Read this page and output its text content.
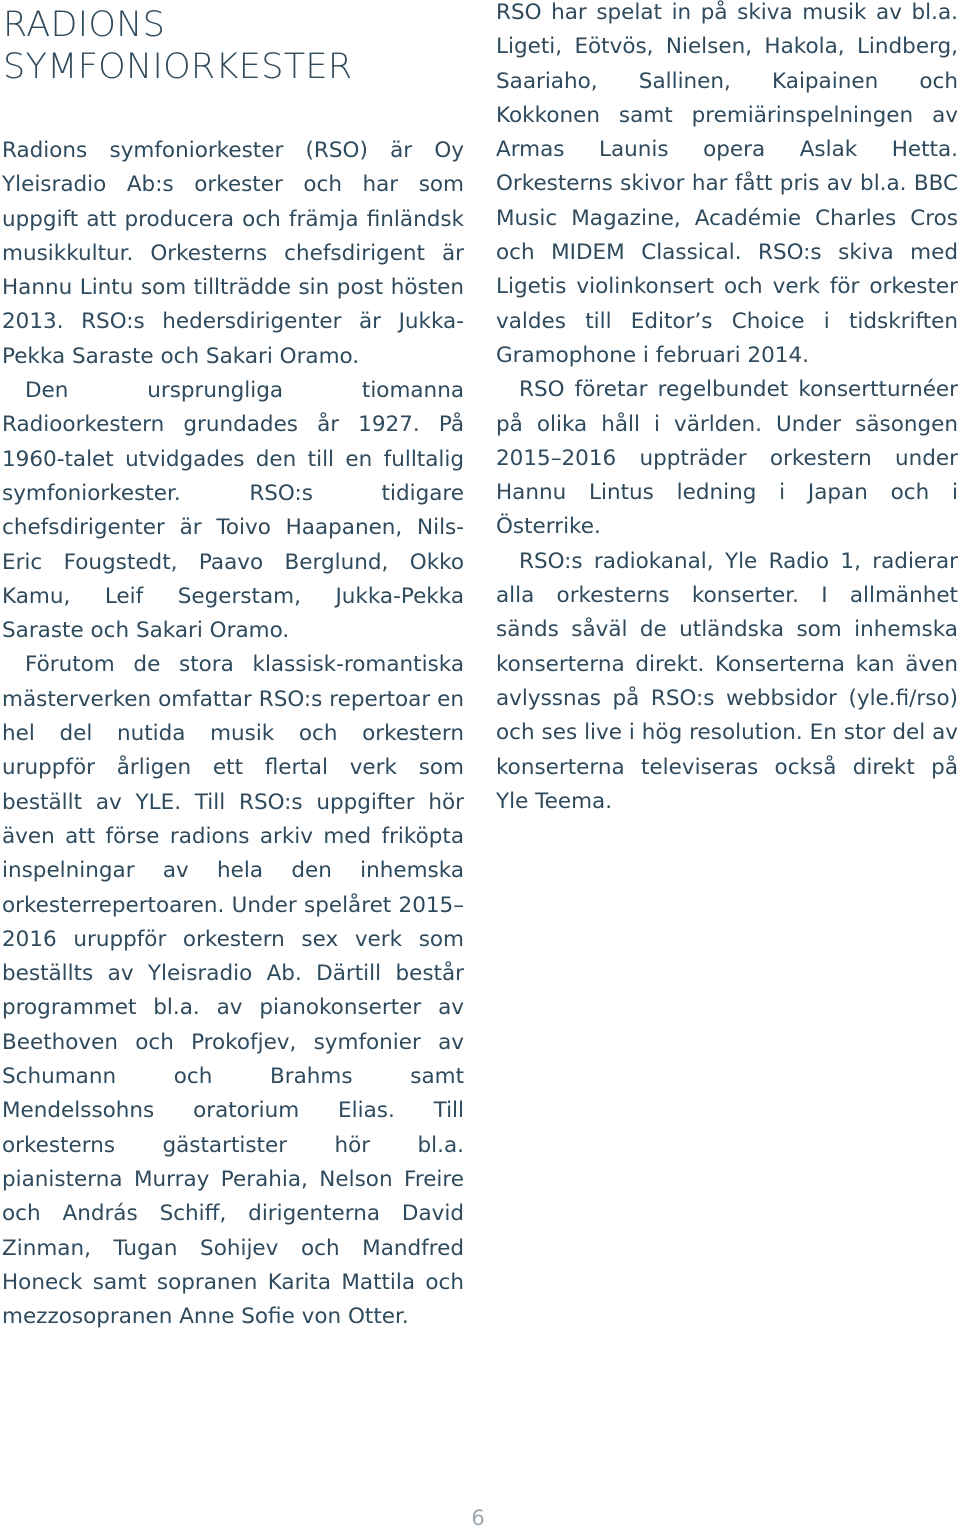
RADIONS SYMFONIORKESTER

Radions symfoniorkester (RSO) är Oy Yleisradio Ab:s orkester och har som uppgift att producera och främja finländsk musikkultur. Orkesterns chefsdirigent är Hannu Lintu som tillträdde sin post hösten 2013. RSO:s hedersdirigenter är Jukka-Pekka Saraste och Sakari Oramo.

Den ursprungliga tiomanna Radioorkestern grundades år 1927. På 1960-talet utvidgades den till en fulltalig symfoniorkester. RSO:s tidigare chefsdirigenter är Toivo Haapanen, Nils-Eric Fougstedt, Paavo Berglund, Okko Kamu, Leif Segerstam, Jukka-Pekka Saraste och Sakari Oramo.

Förutom de stora klassisk-romantiska mästerverken omfattar RSO:s repertoar en hel del nutida musik och orkestern uruppför årligen ett flertal verk som beställt av YLE. Till RSO:s uppgifter hör även att förse radions arkiv med friköpta inspelningar av hela den inhemska orkesterrepertoaren. Under spelåret 2015–2016 uruppför orkestern sex verk som beställts av Yleisradio Ab. Därtill består programmet bl.a. av pianokonserter av Beethoven och Prokofjev, symfonier av Schumann och Brahms samt Mendelssohns oratorium Elias. Till orkesterns gästartister hör bl.a. pianisterna Murray Perahia, Nelson Freire och András Schiff, dirigenterna David Zinman, Tugan Sohijev och Mandfred Honeck samt sopranen Karita Mattila och mezzosopranen Anne Sofie von Otter.

RSO har spelat in på skiva musik av bl.a. Ligeti, Eötvös, Nielsen, Hakola, Lindberg, Saariaho, Sallinen, Kaipainen och Kokkonen samt premiärinspelningen av Armas Launis opera Aslak Hetta. Orkesterns skivor har fått pris av bl.a. BBC Music Magazine, Académie Charles Cros och MIDEM Classical. RSO:s skiva med Ligetis violinkonsert och verk för orkester valdes till Editor’s Choice i tidskriften Gramophone i februari 2014.

RSO företar regelbundet konsertturnéer på olika håll i världen. Under säsongen 2015–2016 uppträder orkestern under Hannu Lintus ledning i Japan och i Österrike.

RSO:s radiokanal, Yle Radio 1, radierar alla orkesterns konserter. I allmänhet sänds såväl de utländska som inhemska konserterna direkt. Konserterna kan även avlyssnas på RSO:s webbsidor (yle.fi/rso) och ses live i hög resolution. En stor del av konserterna televiseras också direkt på Yle Teema.

6
